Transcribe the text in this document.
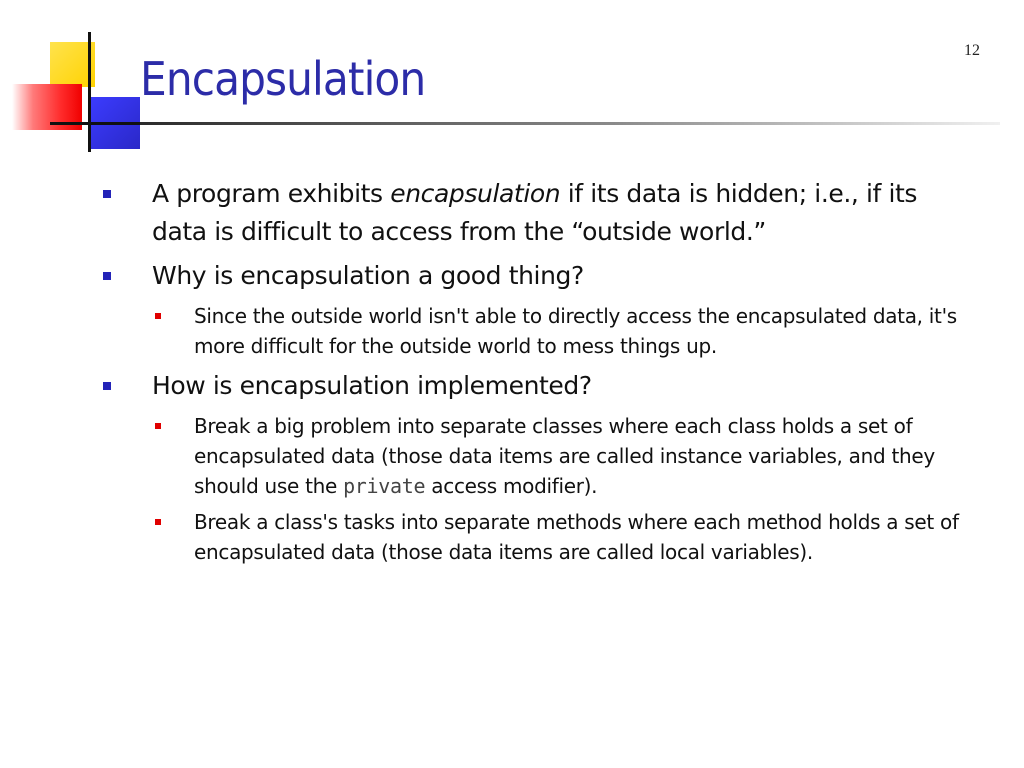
12
Encapsulation
A program exhibits encapsulation if its data is hidden; i.e., if its data is difficult to access from the “outside world.”
Why is encapsulation a good thing?
Since the outside world isn't able to directly access the encapsulated data, it's more difficult for the outside world to mess things up.
How is encapsulation implemented?
Break a big problem into separate classes where each class holds a set of encapsulated data (those data items are called instance variables, and they should use the private access modifier).
Break a class's tasks into separate methods where each method holds a set of encapsulated data (those data items are called local variables).
